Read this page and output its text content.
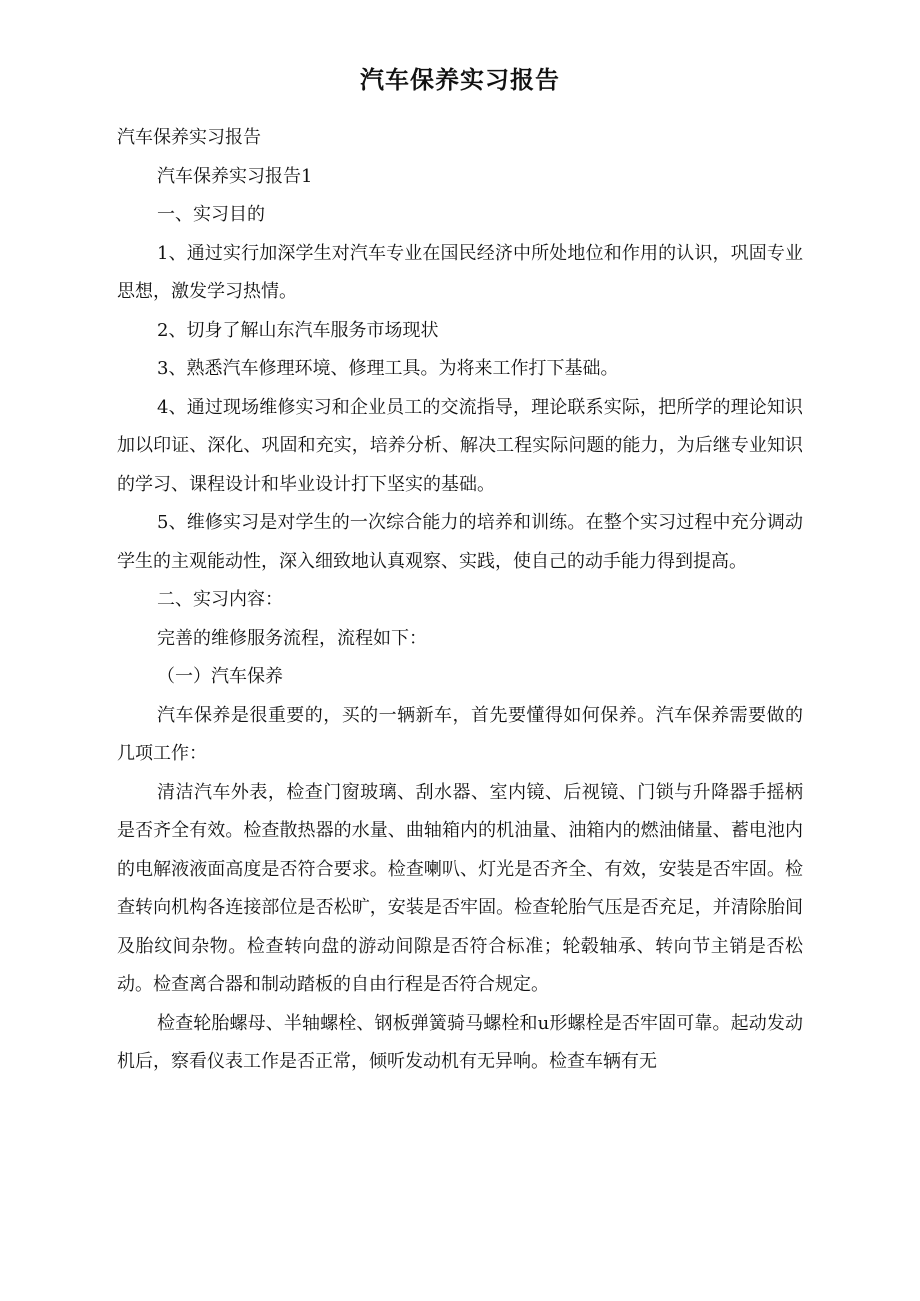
汽车保养实习报告

汽车保养实习报告

汽车保养实习报告1

一、实习目的

1、通过实行加深学生对汽车专业在国民经济中所处地位和作用的认识，巩固专业思想，激发学习热情。

2、切身了解山东汽车服务市场现状

3、熟悉汽车修理环境、修理工具。为将来工作打下基础。

4、通过现场维修实习和企业员工的交流指导，理论联系实际，把所学的理论知识加以印证、深化、巩固和充实，培养分析、解决工程实际问题的能力，为后继专业知识的学习、课程设计和毕业设计打下坚实的基础。

5、维修实习是对学生的一次综合能力的培养和训练。在整个实习过程中充分调动学生的主观能动性，深入细致地认真观察、实践，使自己的动手能力得到提高。

二、实习内容：

完善的维修服务流程，流程如下：

（一）汽车保养

汽车保养是很重要的，买的一辆新车，首先要懂得如何保养。汽车保养需要做的几项工作：

清洁汽车外表，检查门窗玻璃、刮水器、室内镜、后视镜、门锁与升降器手摇柄是否齐全有效。检查散热器的水量、曲轴箱内的机油量、油箱内的燃油储量、蓄电池内的电解液液面高度是否符合要求。检查喇叭、灯光是否齐全、有效，安装是否牢固。检查转向机构各连接部位是否松旷，安装是否牢固。检查轮胎气压是否充足，并清除胎间及胎纹间杂物。检查转向盘的游动间隙是否符合标准；轮毂轴承、转向节主销是否松动。检查离合器和制动踏板的自由行程是否符合规定。

检查轮胎螺母、半轴螺栓、钢板弹簧骑马螺栓和u形螺栓是否牢固可靠。起动发动机后，察看仪表工作是否正常，倾听发动机有无异响。检查车辆有无
